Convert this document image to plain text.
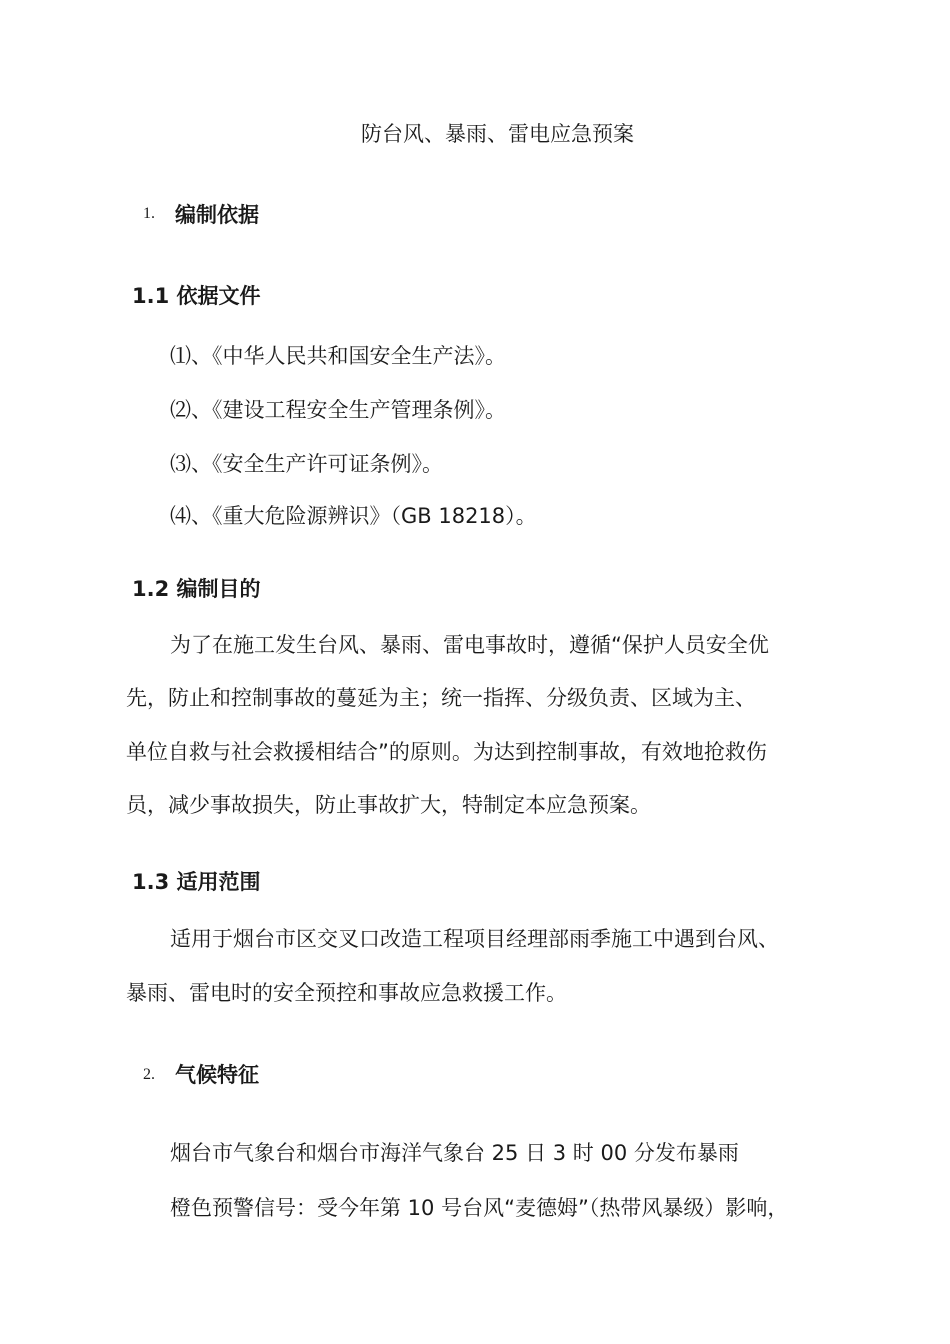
防台风、暴雨、雷电应急预案
1. 编制依据
1.1 依据文件
⑴、《中华人民共和国安全生产法》。
⑵、《建设工程安全生产管理条例》。
⑶、《安全生产许可证条例》。
⑷、《重大危险源辨识》（GB 18218）。
1.2 编制目的
为了在施工发生台风、暴雨、雷电事故时，遵循“保护人员安全优
先，防止和控制事故的蔓延为主；统一指挥、分级负责、区域为主、
单位自救与社会救援相结合”的原则。为达到控制事故，有效地抢救伤
员，减少事故损失，防止事故扩大，特制定本应急预案。
1.3 适用范围
适用于烟台市区交叉口改造工程项目经理部雨季施工中遇到台风、
暴雨、雷电时的安全预控和事故应急救援工作。
2. 气候特征
烟台市气象台和烟台市海洋气象台 25 日 3 时 00 分发布暴雨
橙色预警信号：受今年第 10 号台风“麦德姆”（热带风暴级）影响，
